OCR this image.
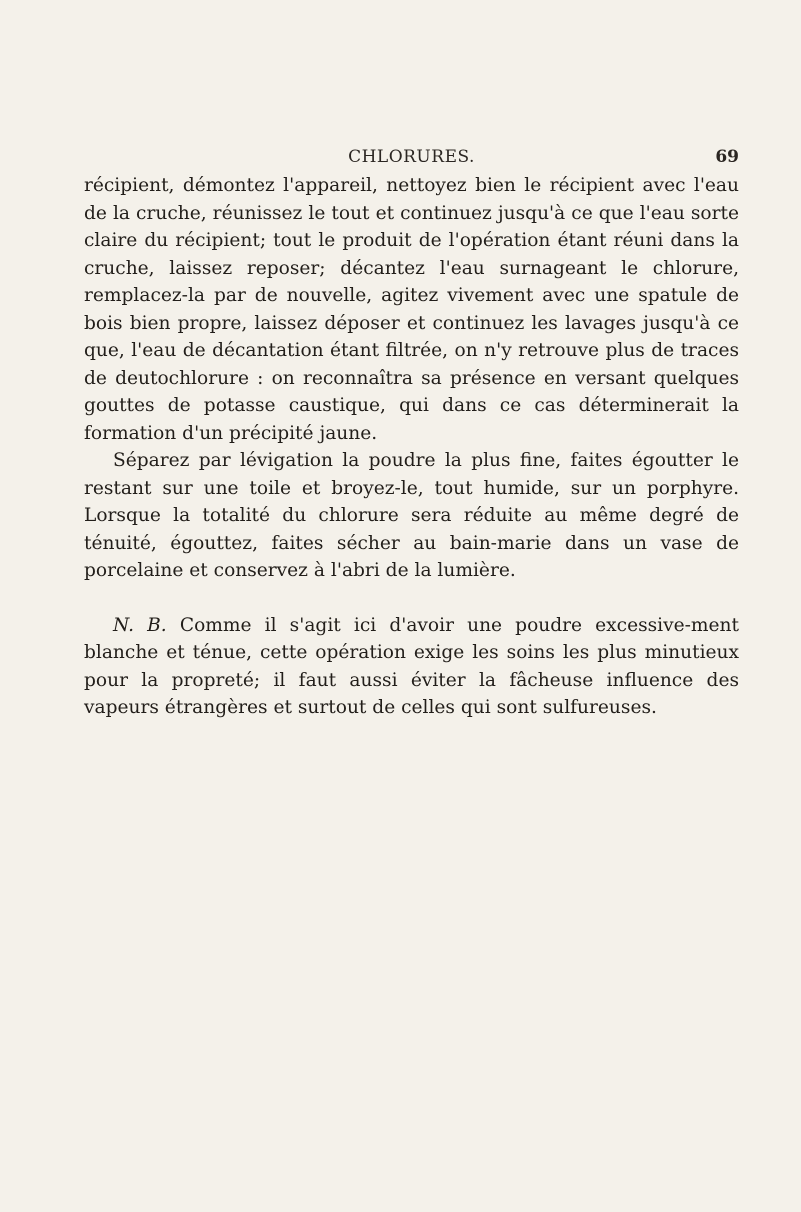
CHLORURES.	69

récipient, démontez l'appareil, nettoyez bien le récipient avec l'eau de la cruche, réunissez le tout et continuez jusqu'à ce que l'eau sorte claire du récipient; tout le produit de l'opération étant réuni dans la cruche, laissez reposer; décantez l'eau surnageant le chlorure, remplacez-la par de nouvelle, agitez vivement avec une spatule de bois bien propre, laissez déposer et continuez les lavages jusqu'à ce que, l'eau de décantation étant filtrée, on n'y retrouve plus de traces de deutochlorure : on reconnaîtra sa présence en versant quelques gouttes de potasse caustique, qui dans ce cas déterminerait la formation d'un précipité jaune.

Séparez par lévigation la poudre la plus fine, faites égoutter le restant sur une toile et broyez-le, tout humide, sur un porphyre. Lorsque la totalité du chlorure sera réduite au même degré de ténuité, égouttez, faites sécher au bain-marie dans un vase de porcelaine et conservez à l'abri de la lumière.

N. B. Comme il s'agit ici d'avoir une poudre excessive-ment blanche et ténue, cette opération exige les soins les plus minutieux pour la propreté; il faut aussi éviter la fâcheuse influence des vapeurs étrangères et surtout de celles qui sont sulfureuses.
